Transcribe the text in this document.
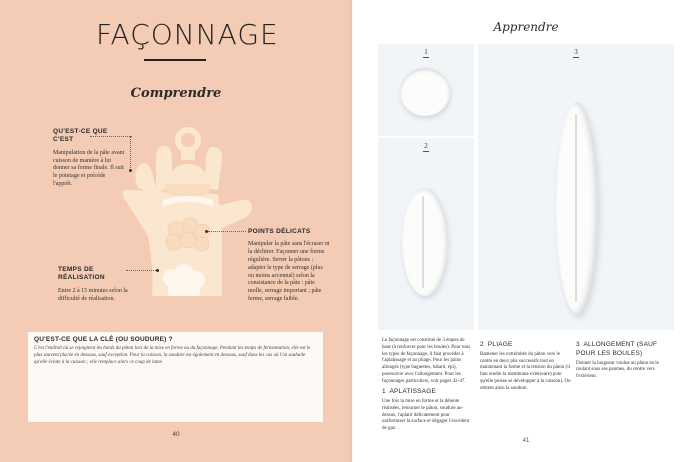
FAÇONNAGE
Comprendre
QU'EST-CE QUE C'EST
Manipulation de la pâte avant cuisson de manière à lui donner sa forme finale. Il suit le pointage et précède l'apprêt.
TEMPS DE RÉALISATION
Entre 2 à 15 minutes selon la difficulté de réalisation.
POINTS DÉLICATS
Manipuler la pâte sans l'écraser ni la déchirer. Façonner une forme régulière. Serrer la pâtons : adapter le type de serrage (plus ou moins accentué) selon la consistance de la pâte : pâte molle, serrage important ; pâte ferme, serrage faible.
QU'EST-CE QUE LA CLÉ (OU SOUDURE) ?
C'est l'endroit où se rejoignent les bords du pâton lors de la mise en forme ou du façonnage. Pendant les temps de fermentation, elle est le plus souvent placée en dessous, sauf exception. Pour la cuisson, la soudure est également en dessous, sauf dans les cas où l'on souhaite qu'elle éclate à la cuisson ; elle remplace alors ce coup de lame.
40
Apprendre
1
2
3
Le façonnage est constitué de 3 étapes de base (à renforcer pour les boules). Pour tous les types de façonnage, il faut procéder à l'aplatissage et au pliage. Pour les pains allongés (type baguettes, bâtard, épi), poursuivre avec l'allongement. Pour les façonnages particuliers, voir pages 42-47.
1 APLATISSAGE
Une fois la mise en forme et la détente réalisées, retourner le pâton, soudure au-dessus, l'aplatir délicatement pour uniformiser la surface et dégager l'excédent de gaz.
2 PLIAGE
Ramener les extrémités du pâton vers le centre en deux plis successifs tout en maintenant la forme et la tension du pâton (il faut tendre la membrane extérieure) pour qu'elle puisse se développer à la cuisson). On obtient ainsi la soudure.
3 ALLONGEMENT (SAUF POUR LES BOULES)
Donner la longueur voulue au pâton en le roulant sous ses paumes, du centre vers l'extérieur.
41
